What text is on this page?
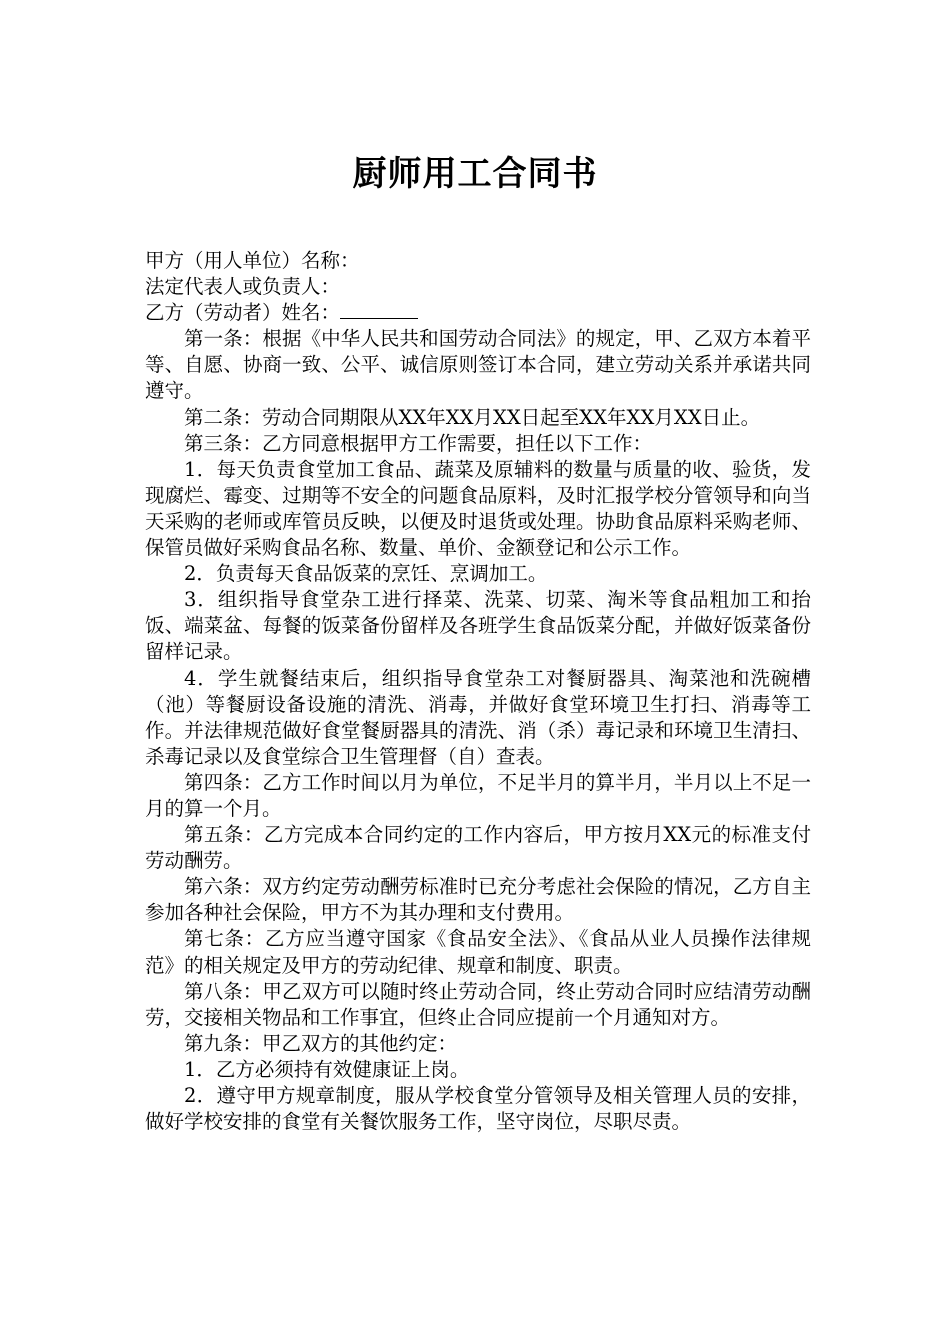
厨师用工合同书

甲方（用人单位）名称：

法定代表人或负责人：

乙方（劳动者）姓名：

第一条：根据《中华人民共和国劳动合同法》的规定，甲、乙双方本着平等、自愿、协商一致、公平、诚信原则签订本合同，建立劳动关系并承诺共同遵守。

第二条：劳动合同期限从XX年XX月XX日起至XX年XX月XX日止。

第三条：乙方同意根据甲方工作需要，担任以下工作：

1．每天负责食堂加工食品、蔬菜及原辅料的数量与质量的收、验货，发现腐烂、霉变、过期等不安全的问题食品原料，及时汇报学校分管领导和向当天采购的老师或库管员反映，以便及时退货或处理。协助食品原料采购老师、保管员做好采购食品名称、数量、单价、金额登记和公示工作。

2．负责每天食品饭菜的烹饪、烹调加工。

3．组织指导食堂杂工进行择菜、洗菜、切菜、淘米等食品粗加工和抬饭、端菜盆、每餐的饭菜备份留样及各班学生食品饭菜分配，并做好饭菜备份留样记录。

4．学生就餐结束后，组织指导食堂杂工对餐厨器具、淘菜池和洗碗槽（池）等餐厨设备设施的清洗、消毒，并做好食堂环境卫生打扫、消毒等工作。并法律规范做好食堂餐厨器具的清洗、消（杀）毒记录和环境卫生清扫、杀毒记录以及食堂综合卫生管理督（自）查表。

第四条：乙方工作时间以月为单位，不足半月的算半月，半月以上不足一月的算一个月。

第五条：乙方完成本合同约定的工作内容后，甲方按月XX元的标准支付劳动酬劳。

第六条：双方约定劳动酬劳标准时已充分考虑社会保险的情况，乙方自主参加各种社会保险，甲方不为其办理和支付费用。

第七条：乙方应当遵守国家《食品安全法》、《食品从业人员操作法律规范》的相关规定及甲方的劳动纪律、规章和制度、职责。

第八条：甲乙双方可以随时终止劳动合同，终止劳动合同时应结清劳动酬劳，交接相关物品和工作事宜，但终止合同应提前一个月通知对方。

第九条：甲乙双方的其他约定：

1．乙方必须持有效健康证上岗。

2．遵守甲方规章制度，服从学校食堂分管领导及相关管理人员的安排，做好学校安排的食堂有关餐饮服务工作，坚守岗位，尽职尽责。
